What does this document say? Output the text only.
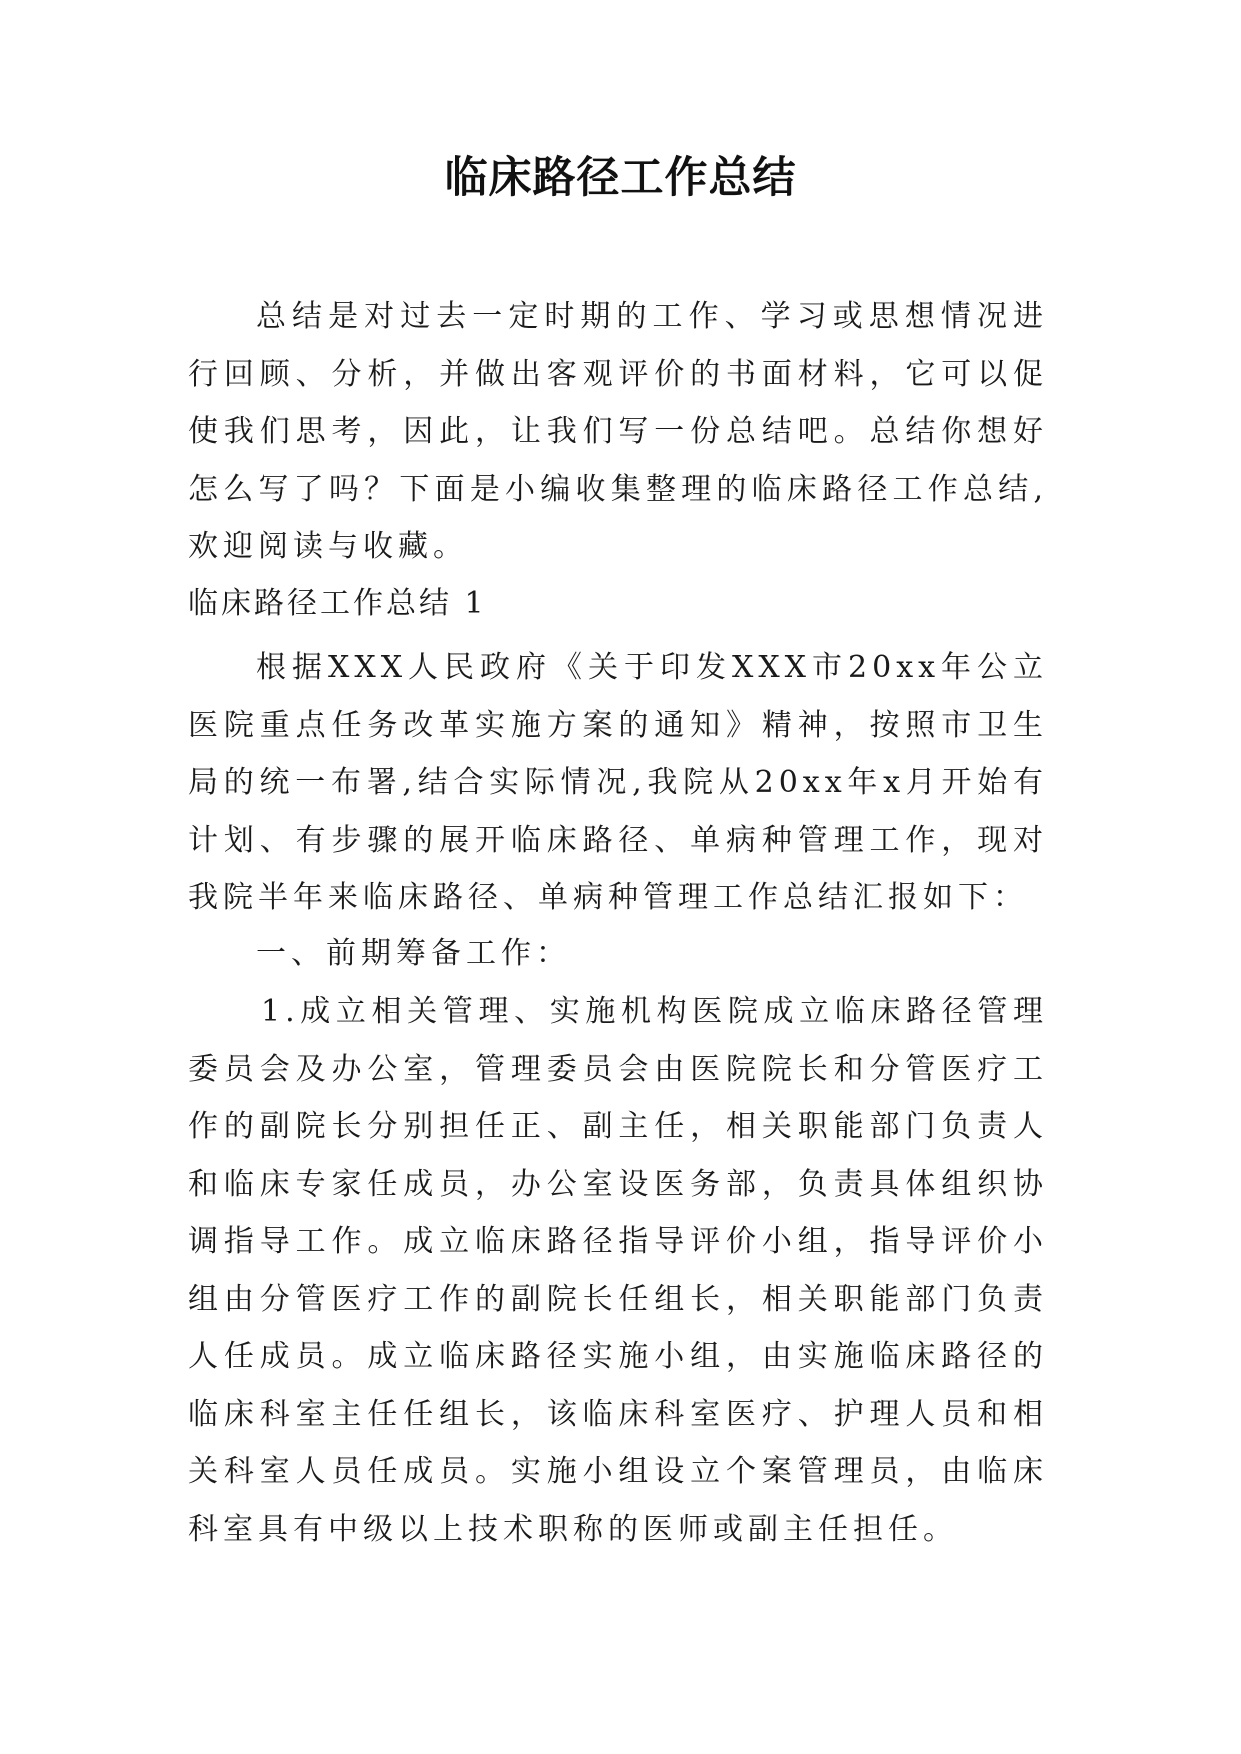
临床路径工作总结

总结是对过去一定时期的工作、学习或思想情况进行回顾、分析，并做出客观评价的书面材料，它可以促使我们思考，因此，让我们写一份总结吧。总结你想好怎么写了吗？下面是小编收集整理的临床路径工作总结,欢迎阅读与收藏。

临床路径工作总结 1

根据XXX人民政府《关于印发XXX市20xx年公立医院重点任务改革实施方案的通知》精神，按照市卫生局的统一布署,结合实际情况,我院从20xx年x月开始有计划、有步骤的展开临床路径、单病种管理工作，现对我院半年来临床路径、单病种管理工作总结汇报如下：

一、前期筹备工作：

1.成立相关管理、实施机构医院成立临床路径管理委员会及办公室，管理委员会由医院院长和分管医疗工作的副院长分别担任正、副主任，相关职能部门负责人和临床专家任成员，办公室设医务部，负责具体组织协调指导工作。成立临床路径指导评价小组，指导评价小组由分管医疗工作的副院长任组长，相关职能部门负责人任成员。成立临床路径实施小组，由实施临床路径的临床科室主任任组长，该临床科室医疗、护理人员和相关科室人员任成员。实施小组设立个案管理员，由临床科室具有中级以上技术职称的医师或副主任担任。
